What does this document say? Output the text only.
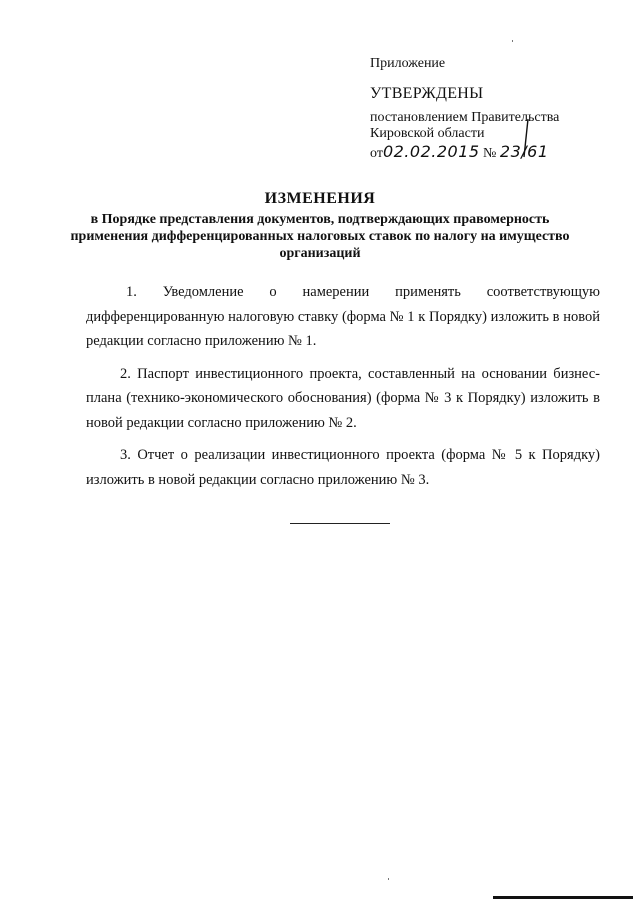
Приложение

УТВЕРЖДЕНЫ

постановлением Правительства

Кировской области

от02.02.2015 № 23/61

ИЗМЕНЕНИЯ

в Порядке представления документов, подтверждающих правомерность применения дифференцированных налоговых ставок по налогу на имущество организаций

1. Уведомление о намерении применять соответствующую дифференцированную налоговую ставку (форма № 1 к Порядку) изложить в новой редакции согласно приложению № 1.

2. Паспорт инвестиционного проекта, составленный на основании бизнес-плана (технико-экономического обоснования) (форма № 3 к Порядку) изложить в новой редакции согласно приложению № 2.

3. Отчет о реализации инвестиционного проекта (форма № 5 к Порядку) изложить в новой редакции согласно приложению № 3.
